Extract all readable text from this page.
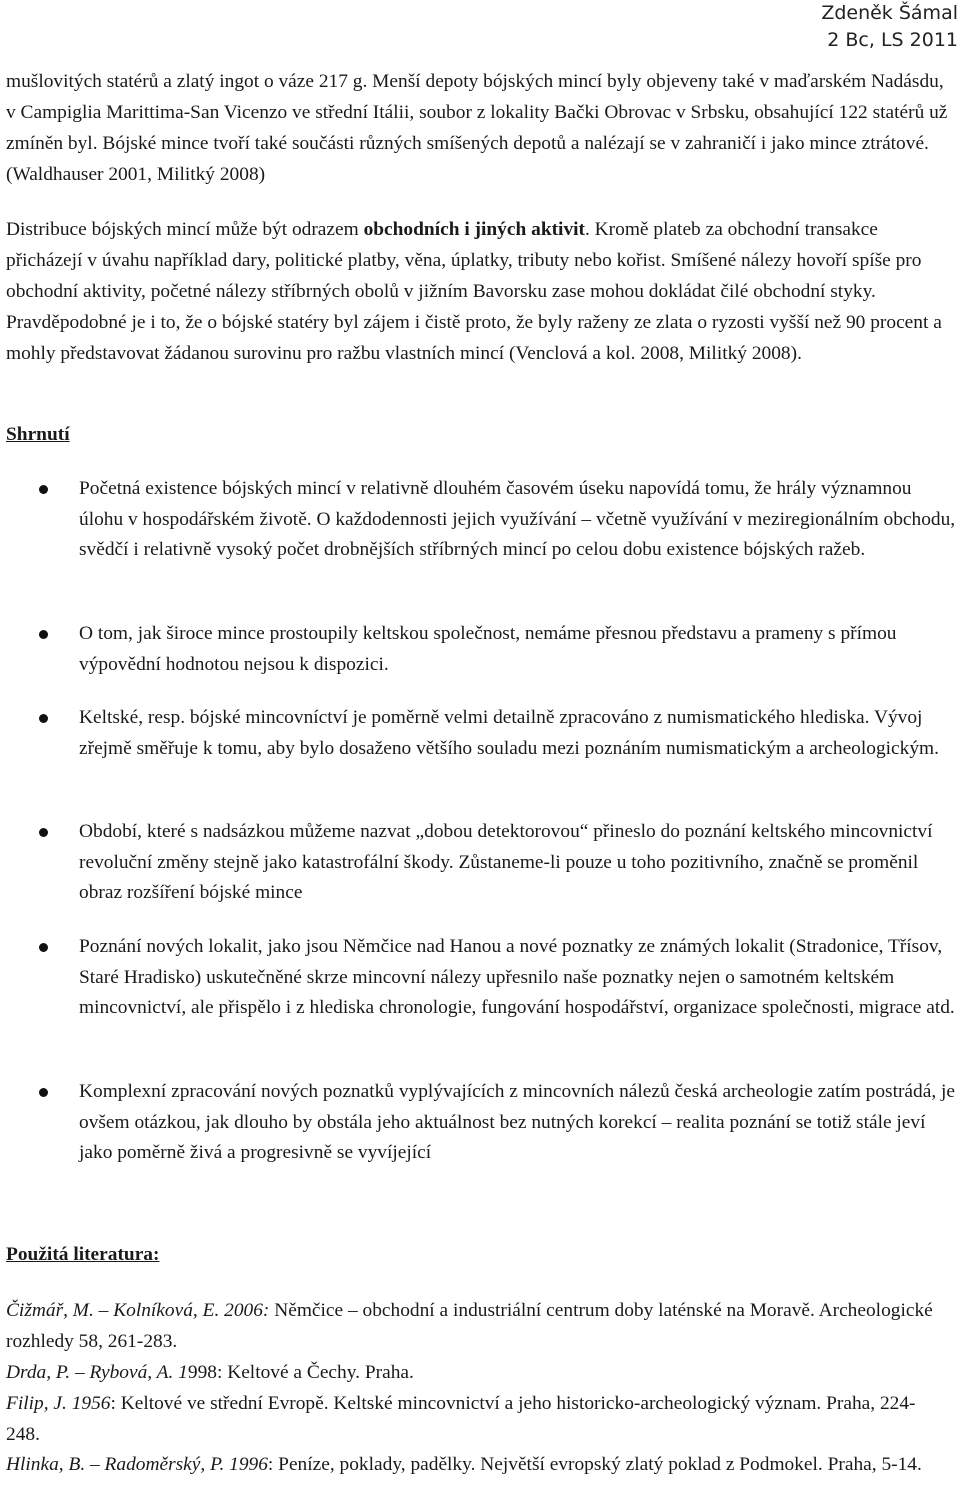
Zdeněk Šámal
2 Bc, LS 2011

mušlovitých statérů a zlatý ingot o váze 217 g. Menší depoty bójských mincí byly objeveny také v maďarském Nadásdu, v Campiglia Marittima-San Vicenzo ve střední Itálii, soubor z lokality Bački Obrovac v Srbsku, obsahující 122 statérů už zmíněn byl. Bójské mince tvoří také součásti různých smíšených depotů a nalézají se v zahraničí i jako mince ztrátové. (Waldhauser 2001, Militký 2008)

Distribuce bójských mincí může být odrazem obchodních i jiných aktivit. Kromě plateb za obchodní transakce přicházejí v úvahu například dary, politické platby, věna, úplatky, tributy nebo kořist. Smíšené nálezy hovoří spíše pro obchodní aktivity, početné nálezy stříbrných obolů v jižním Bavorsku zase mohou dokládat čilé obchodní styky. Pravděpodobné je i to, že o bójské statéry byl zájem i čistě proto, že byly raženy ze zlata o ryzosti vyšší než 90 procent a mohly představovat žádanou surovinu pro ražbu vlastních mincí (Venclová a kol. 2008, Militký 2008).

Shrnutí
Početná existence bójských mincí v relativně dlouhém časovém úseku napovídá tomu, že hrály významnou úlohu v hospodářském životě. O každodennosti jejich využívání – včetně využívání v meziregionálním obchodu, svědčí i relativně vysoký počet drobnějších stříbrných mincí po celou dobu existence bójských ražeb.
O tom, jak široce mince prostoupily keltskou společnost, nemáme přesnou představu a prameny s přímou výpovědní hodnotou nejsou k dispozici.
Keltské, resp. bójské mincovníctví je poměrně velmi detailně zpracováno z numismatického hlediska. Vývoj zřejmě směřuje k tomu, aby bylo dosaženo většího souladu mezi poznáním numismatickým a archeologickým.
Období, které s nadsázkou můžeme nazvat „dobou detektorovou“ přineslo do poznání keltského mincovnictví revoluční změny stejně jako katastrofální škody. Zůstaneme-li pouze u toho pozitivního, značně se proměnil obraz rozšíření bójské mince
Poznání nových lokalit, jako jsou Němčice nad Hanou a nové poznatky ze známých lokalit (Stradonice, Třísov, Staré Hradisko) uskutečněné skrze mincovní nálezy upřesnilo naše poznatky nejen o samotném keltském mincovnictví, ale přispělo i z hlediska chronologie, fungování hospodářství, organizace společnosti, migrace atd.
Komplexní zpracování nových poznatků vyplývajících z mincovních nálezů česká archeologie zatím postrádá, je ovšem otázkou, jak dlouho by obstála jeho aktuálnost bez nutných korekcí – realita poznání se totiž stále jeví jako poměrně živá a progresivně se vyvíjející
Použitá literatura:
Čižmář, M. – Kolníková, E. 2006: Němčice – obchodní a industriální centrum doby laténské na Moravě. Archeologické rozhledy 58, 261-283.
Drda, P. – Rybová, A. 1998: Keltové a Čechy. Praha.
Filip, J. 1956: Keltové ve střední Evropě. Keltské mincovnictví a jeho historicko-archeologický význam. Praha, 224-248.
Hlinka, B. – Radoměrský, P. 1996: Peníze, poklady, padělky. Největší evropský zlatý poklad z Podmokel. Praha, 5-14.
